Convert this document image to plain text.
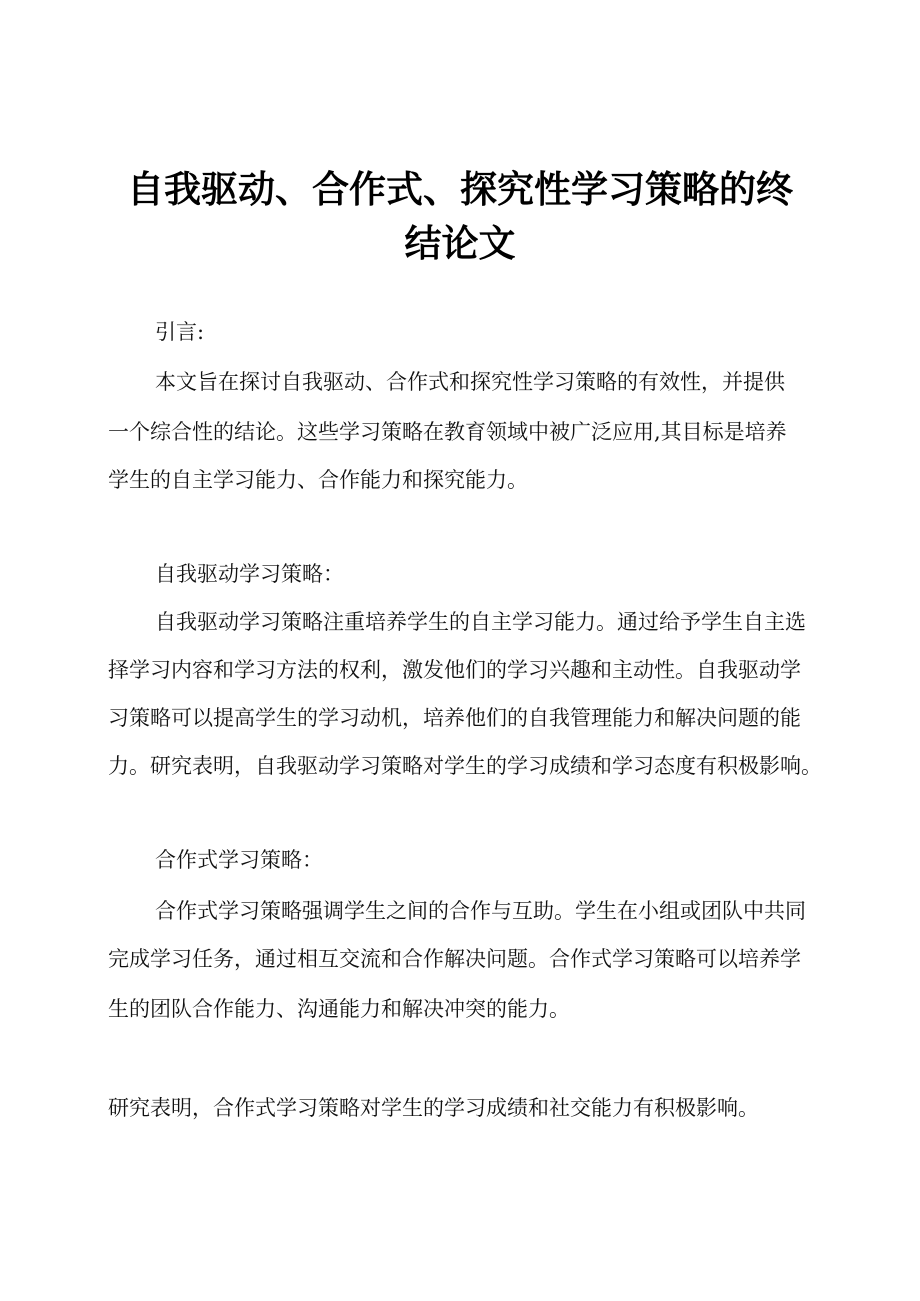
自我驱动、合作式、探究性学习策略的终
结论文

引言:

本文旨在探讨自我驱动、合作式和探究性学习策略的有效性，并提供

一个综合性的结论。这些学习策略在教育领域中被广泛应用,其目标是培养

学生的自主学习能力、合作能力和探究能力。

自我驱动学习策略：

自我驱动学习策略注重培养学生的自主学习能力。通过给予学生自主选

择学习内容和学习方法的权利，激发他们的学习兴趣和主动性。自我驱动学

习策略可以提高学生的学习动机，培养他们的自我管理能力和解决问题的能

力。研究表明，自我驱动学习策略对学生的学习成绩和学习态度有积极影响。

合作式学习策略：

合作式学习策略强调学生之间的合作与互助。学生在小组或团队中共同

完成学习任务，通过相互交流和合作解决问题。合作式学习策略可以培养学

生的团队合作能力、沟通能力和解决冲突的能力。

研究表明，合作式学习策略对学生的学习成绩和社交能力有积极影响。
